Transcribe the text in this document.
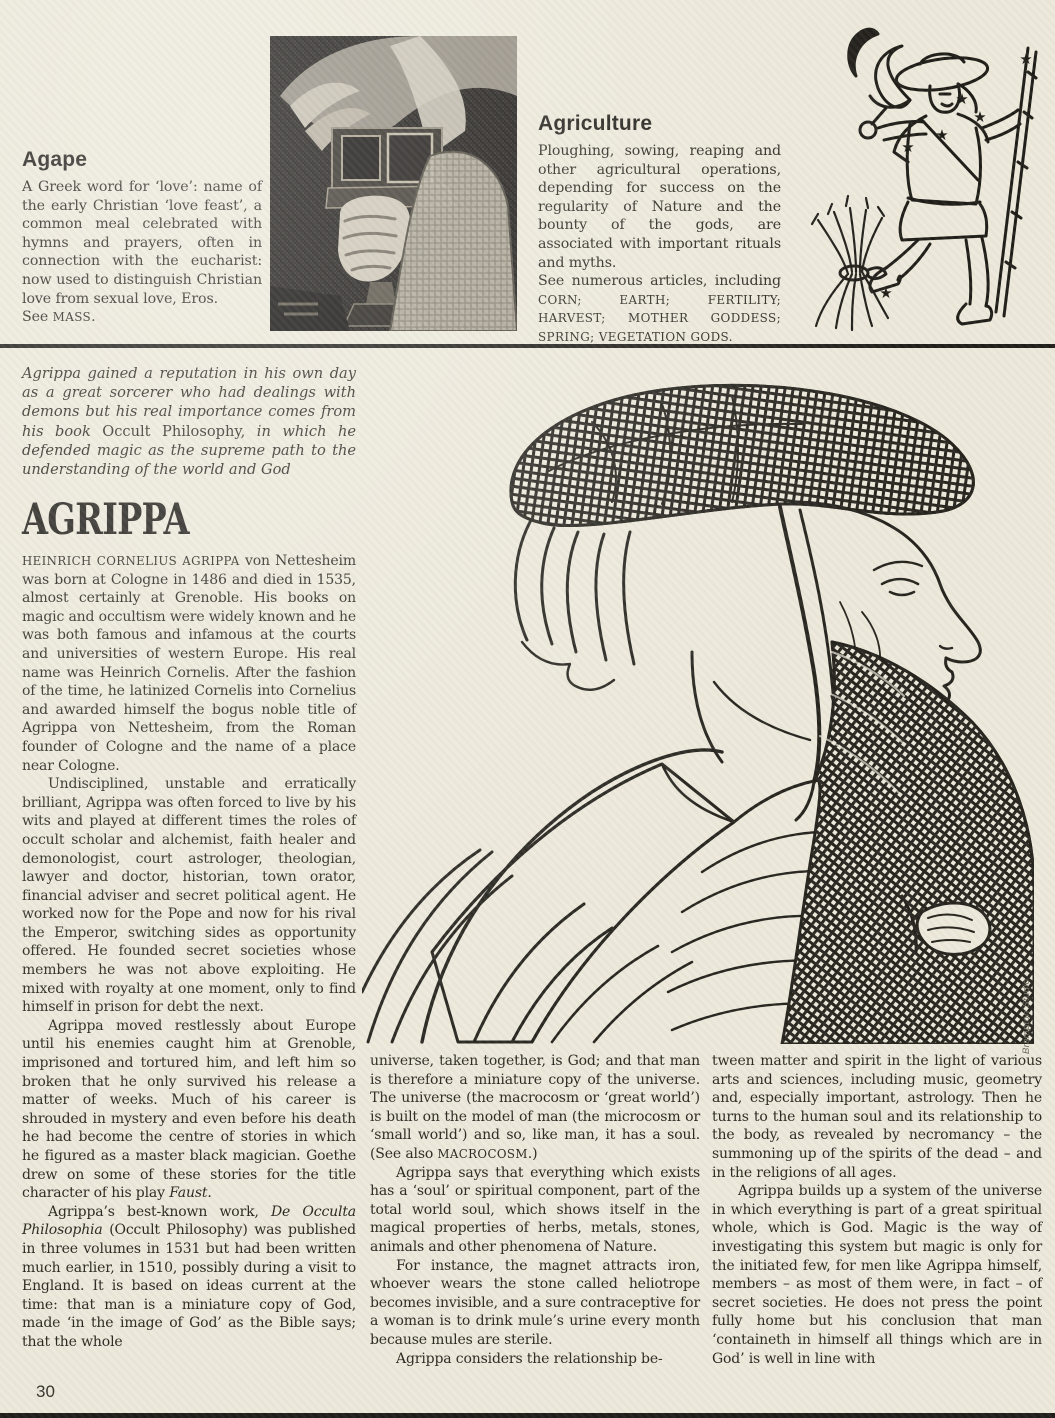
Agape

A Greek word for ‘love’: name of the early Christian ‘love feast’, a common meal celebrated with hymns and prayers, often in connection with the eucharist: now used to distinguish Christian love from sexual love, Eros.

See MASS.

Agriculture

Ploughing, sowing, reaping and other agricultural operations, depending for success on the regularity of Nature and the bounty of the gods, are associated with important rituals and myths.

See numerous articles, including CORN; EARTH; FERTILITY; HARVEST; MOTHER GODDESS; SPRING; VEGETATION GODS.

★
★
★
★
★
★
Agrippa gained a reputation in his own day as a great sorcerer who had dealings with demons but his real importance comes from his book Occult Philosophy, in which he defended magic as the supreme path to the understanding of the world and God
AGRIPPA

HEINRICH CORNELIUS AGRIPPA von Nettesheim was born at Cologne in 1486 and died in 1535, almost certainly at Grenoble. His books on magic and occultism were widely known and he was both famous and infamous at the courts and universities of western Europe. His real name was Heinrich Cornelis. After the fashion of the time, he latinized Cornelis into Cornelius and awarded himself the bogus noble title of Agrippa von Nettesheim, from the Roman founder of Cologne and the name of a place near Cologne.

Undisciplined, unstable and erratically brilliant, Agrippa was often forced to live by his wits and played at different times the roles of occult scholar and alchemist, faith healer and demonologist, court astrologer, theologian, lawyer and doctor, historian, town orator, financial adviser and secret political agent. He worked now for the Pope and now for his rival the Emperor, switching sides as opportunity offered. He founded secret societies whose members he was not above exploiting. He mixed with royalty at one moment, only to find himself in prison for debt the next.

Agrippa moved restlessly about Europe until his enemies caught him at Grenoble, imprisoned and tortured him, and left him so broken that he only survived his release a matter of weeks. Much of his career is shrouded in mystery and even before his death he had become the centre of stories in which he figured as a master black magician. Goethe drew on some of these stories for the title character of his play Faust.

Agrippa’s best-known work, De Occulta Philosophia (Occult Philosophy) was published in three volumes in 1531 but had been written much earlier, in 1510, possibly during a visit to England. It is based on ideas current at the time: that man is a miniature copy of God, made ‘in the image of God’ as the Bible says; that the whole

Brampton Studio

universe, taken together, is God; and that man is therefore a miniature copy of the universe. The universe (the macrocosm or ‘great world’) is built on the model of man (the microcosm or ‘small world’) and so, like man, it has a soul. (See also MACROCOSM.)

Agrippa says that everything which exists has a ‘soul’ or spiritual component, part of the total world soul, which shows itself in the magical properties of herbs, metals, stones, animals and other phenomena of Nature.

For instance, the magnet attracts iron, whoever wears the stone called heliotrope becomes invisible, and a sure contraceptive for a woman is to drink mule’s urine every month because mules are sterile.

Agrippa considers the relationship be-

tween matter and spirit in the light of various arts and sciences, including music, geometry and, especially important, astrology. Then he turns to the human soul and its relationship to the body, as revealed by necromancy – the summoning up of the spirits of the dead – and in the religions of all ages.

Agrippa builds up a system of the universe in which everything is part of a great spiritual whole, which is God. Magic is the way of investigating this system but magic is only for the initiated few, for men like Agrippa himself, members – as most of them were, in fact – of secret societies. He does not press the point fully home but his conclusion that man ‘containeth in himself all things which are in God’ is well in line with

30
